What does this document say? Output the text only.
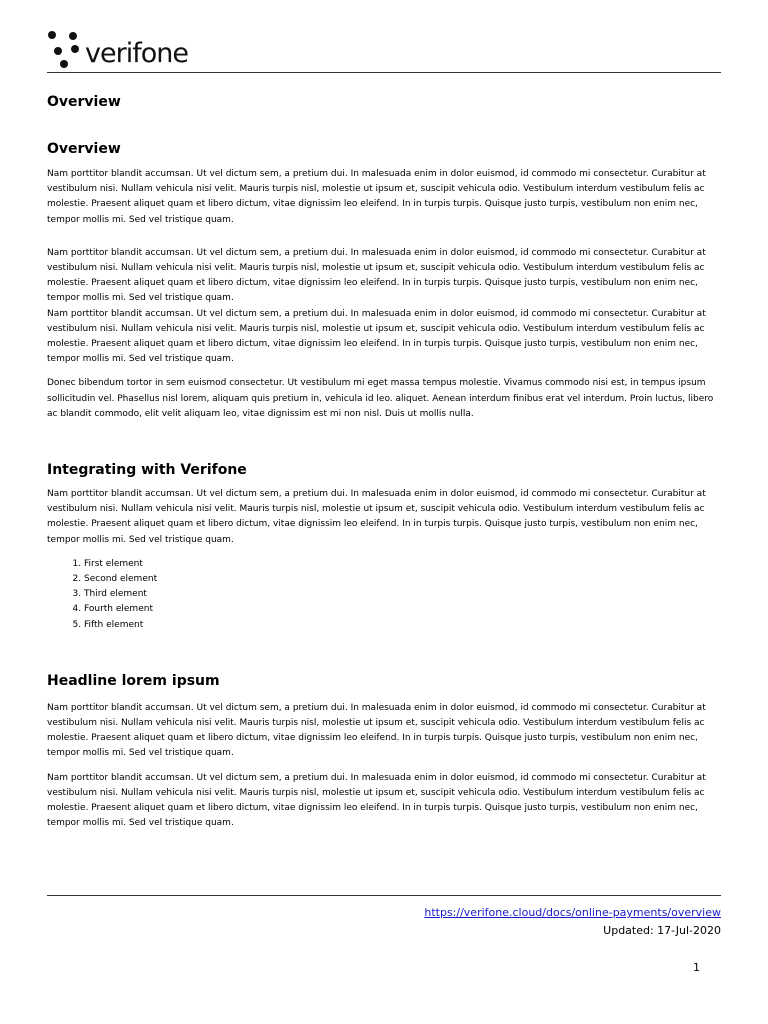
verifone
Overview
Overview

Nam porttitor blandit accumsan. Ut vel dictum sem, a pretium dui. In malesuada enim in dolor euismod, id commodo mi consectetur. Curabitur at vestibulum nisi. Nullam vehicula nisi velit. Mauris turpis nisl, molestie ut ipsum et, suscipit vehicula odio. Vestibulum interdum vestibulum felis ac molestie. Praesent aliquet quam et libero dictum, vitae dignissim leo eleifend. In in turpis turpis. Quisque justo turpis, vestibulum non enim nec, tempor mollis mi. Sed vel tristique quam.

Nam porttitor blandit accumsan. Ut vel dictum sem, a pretium dui. In malesuada enim in dolor euismod, id commodo mi consectetur. Curabitur at vestibulum nisi. Nullam vehicula nisi velit. Mauris turpis nisl, molestie ut ipsum et, suscipit vehicula odio. Vestibulum interdum vestibulum felis ac molestie. Praesent aliquet quam et libero dictum, vitae dignissim leo eleifend. In in turpis turpis. Quisque justo turpis, vestibulum non enim nec, tempor mollis mi. Sed vel tristique quam.

Nam porttitor blandit accumsan. Ut vel dictum sem, a pretium dui. In malesuada enim in dolor euismod, id commodo mi consectetur. Curabitur at vestibulum nisi. Nullam vehicula nisi velit. Mauris turpis nisl, molestie ut ipsum et, suscipit vehicula odio. Vestibulum interdum vestibulum felis ac molestie. Praesent aliquet quam et libero dictum, vitae dignissim leo eleifend. In in turpis turpis. Quisque justo turpis, vestibulum non enim nec, tempor mollis mi. Sed vel tristique quam.

Donec bibendum tortor in sem euismod consectetur. Ut vestibulum mi eget massa tempus molestie. Vivamus commodo nisi est, in tempus ipsum sollicitudin vel. Phasellus nisl lorem, aliquam quis pretium in, vehicula id leo. aliquet. Aenean interdum finibus erat vel interdum. Proin luctus, libero ac blandit commodo, elit velit aliquam leo, vitae dignissim est mi non nisl. Duis ut mollis nulla.

Integrating with Verifone

Nam porttitor blandit accumsan. Ut vel dictum sem, a pretium dui. In malesuada enim in dolor euismod, id commodo mi consectetur. Curabitur at vestibulum nisi. Nullam vehicula nisi velit. Mauris turpis nisl, molestie ut ipsum et, suscipit vehicula odio. Vestibulum interdum vestibulum felis ac molestie. Praesent aliquet quam et libero dictum, vitae dignissim leo eleifend. In in turpis turpis. Quisque justo turpis, vestibulum non enim nec, tempor mollis mi. Sed vel tristique quam.

1. First element
2. Second element
3. Third element
4. Fourth element
5. Fifth element
Headline lorem ipsum

Nam porttitor blandit accumsan. Ut vel dictum sem, a pretium dui. In malesuada enim in dolor euismod, id commodo mi consectetur. Curabitur at vestibulum nisi. Nullam vehicula nisi velit. Mauris turpis nisl, molestie ut ipsum et, suscipit vehicula odio. Vestibulum interdum vestibulum felis ac molestie. Praesent aliquet quam et libero dictum, vitae dignissim leo eleifend. In in turpis turpis. Quisque justo turpis, vestibulum non enim nec, tempor mollis mi. Sed vel tristique quam.

Nam porttitor blandit accumsan. Ut vel dictum sem, a pretium dui. In malesuada enim in dolor euismod, id commodo mi consectetur. Curabitur at vestibulum nisi. Nullam vehicula nisi velit. Mauris turpis nisl, molestie ut ipsum et, suscipit vehicula odio. Vestibulum interdum vestibulum felis ac molestie. Praesent aliquet quam et libero dictum, vitae dignissim leo eleifend. In in turpis turpis. Quisque justo turpis, vestibulum non enim nec, tempor mollis mi. Sed vel tristique quam.

https://verifone.cloud/docs/online-payments/overview
Updated: 17-Jul-2020
1
